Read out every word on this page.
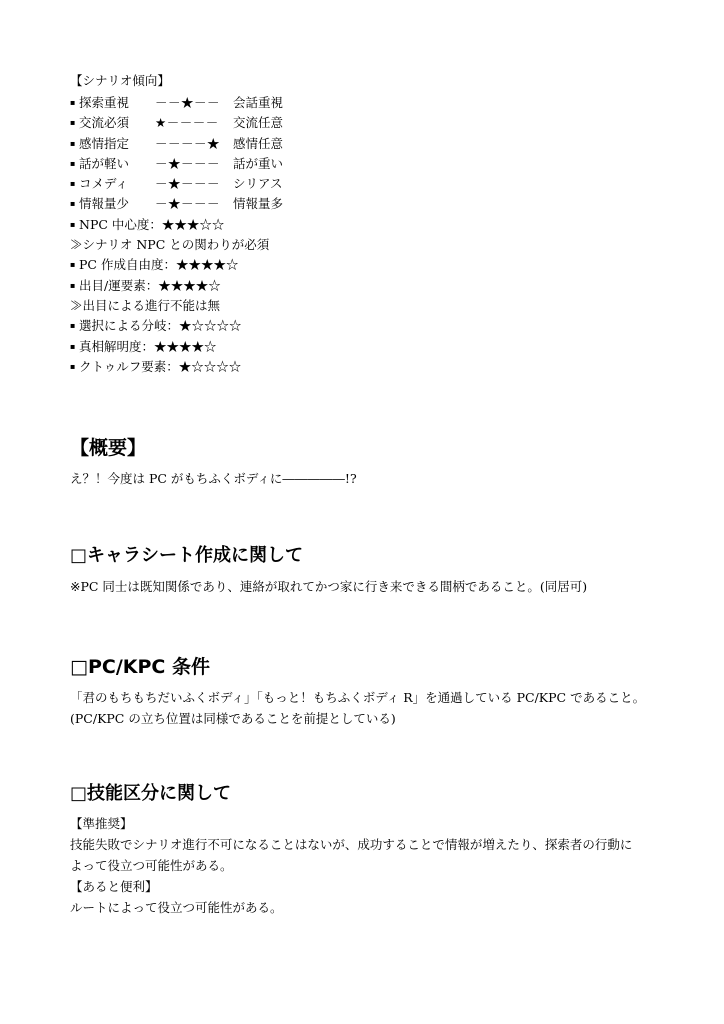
【シナリオ傾向】
▪探索重視 －－★－－ 会話重視
▪交流必須 ★－－－－ 交流任意
▪感情指定 －－－－★ 感情任意
▪話が軽い －★－－－ 話が重い
▪コメディ －★－－－ シリアス
▪情報量少 －★－－－ 情報量多
▪NPC 中心度：★★★☆☆
≫シナリオ NPC との関わりが必須
▪PC 作成自由度：★★★★☆
▪出目/運要素：★★★★☆
≫出目による進行不能は無
▪選択による分岐：★☆☆☆☆
▪真相解明度：★★★★☆
▪クトゥルフ要素：★☆☆☆☆
【概要】
え？！今度は PC がもちふくボディに―――――!?
□キャラシート作成に関して
※PC 同士は既知関係であり、連絡が取れてかつ家に行き来できる間柄であること。(同居可)
□PC/KPC 条件
「君のもちもちだいふくボディ」「もっと！もちふくボディ R」を通過している PC/KPC であること。
(PC/KPC の立ち位置は同様であることを前提としている)
□技能区分に関して
【準推奨】
技能失敗でシナリオ進行不可になることはないが、成功することで情報が増えたり、探索者の行動に
よって役立つ可能性がある。
【あると便利】
ルートによって役立つ可能性がある。
